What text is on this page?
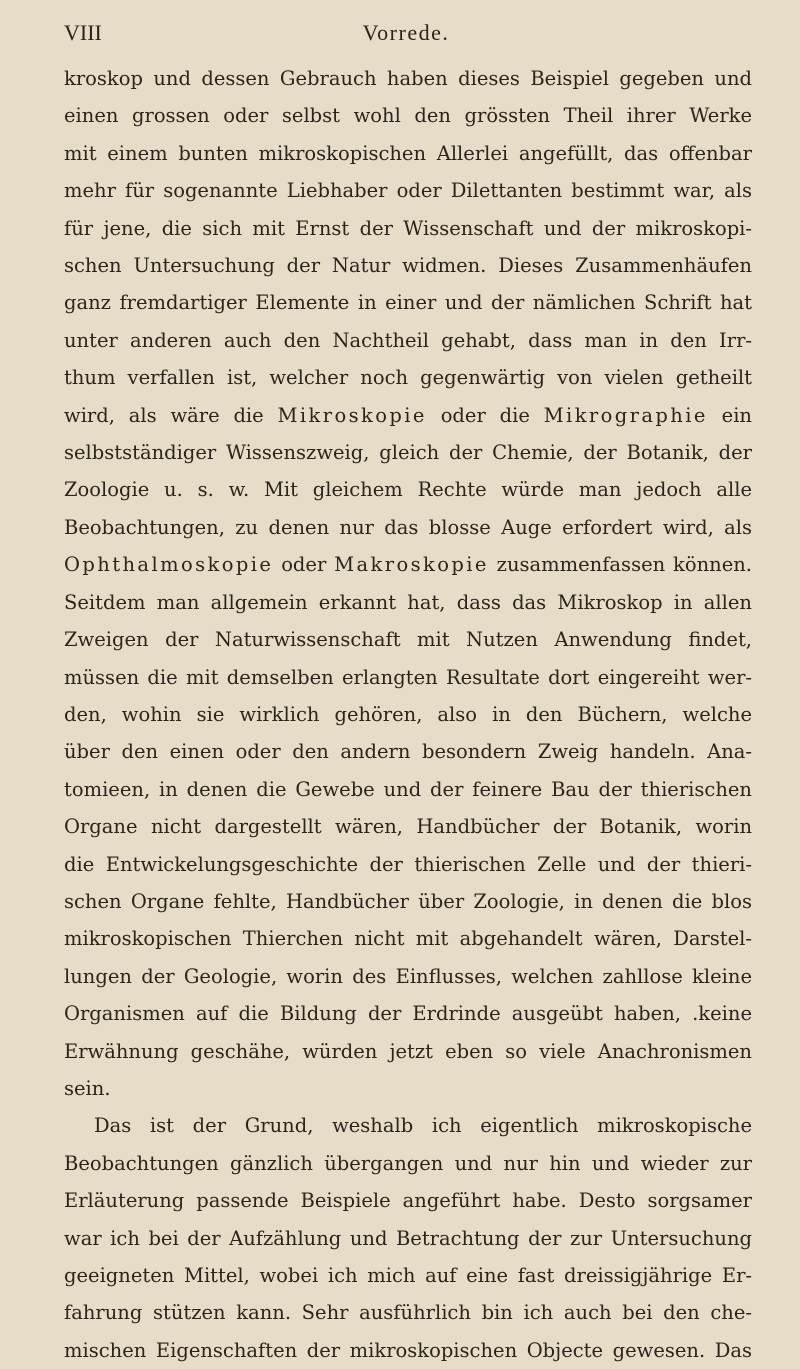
VIII	Vorrede.
kroskop und dessen Gebrauch haben dieses Beispiel gegeben und
einen grossen oder selbst wohl den grössten Theil ihrer Werke
mit einem bunten mikroskopischen Allerlei angefüllt, das offenbar
mehr für sogenannte Liebhaber oder Dilettanten bestimmt war, als
für jene, die sich mit Ernst der Wissenschaft und der mikroskopi-
schen Untersuchung der Natur widmen. Dieses Zusammenhäufen
ganz fremdartiger Elemente in einer und der nämlichen Schrift hat
unter anderen auch den Nachtheil gehabt, dass man in den Irr-
thum verfallen ist, welcher noch gegenwärtig von vielen getheilt
wird, als wäre die Mikroskopie oder die Mikrographie ein
selbstständiger Wissenszweig, gleich der Chemie, der Botanik, der
Zoologie u. s. w. Mit gleichem Rechte würde man jedoch alle
Beobachtungen, zu denen nur das blosse Auge erfordert wird, als
Ophthalmoskopie oder Makroskopie zusammenfassen können.
Seitdem man allgemein erkannt hat, dass das Mikroskop in allen
Zweigen der Naturwissenschaft mit Nutzen Anwendung findet,
müssen die mit demselben erlangten Resultate dort eingereiht wer-
den, wohin sie wirklich gehören, also in den Büchern, welche
über den einen oder den andern besondern Zweig handeln. Ana-
tomieen, in denen die Gewebe und der feinere Bau der thierischen
Organe nicht dargestellt wären, Handbücher der Botanik, worin
die Entwickelungsgeschichte der thierischen Zelle und der thieri-
schen Organe fehlte, Handbücher über Zoologie, in denen die blos
mikroskopischen Thierchen nicht mit abgehandelt wären, Darstel-
lungen der Geologie, worin des Einflusses, welchen zahllose kleine
Organismen auf die Bildung der Erdrinde ausgeübt haben, .keine
Erwähnung geschähe, würden jetzt eben so viele Anachronismen
sein.
Das ist der Grund, weshalb ich eigentlich mikroskopische
Beobachtungen gänzlich übergangen und nur hin und wieder zur
Erläuterung passende Beispiele angeführt habe. Desto sorgsamer
war ich bei der Aufzählung und Betrachtung der zur Untersuchung
geeigneten Mittel, wobei ich mich auf eine fast dreissigjährige Er-
fahrung stützen kann. Sehr ausführlich bin ich auch bei den che-
mischen Eigenschaften der mikroskopischen Objecte gewesen. Das
